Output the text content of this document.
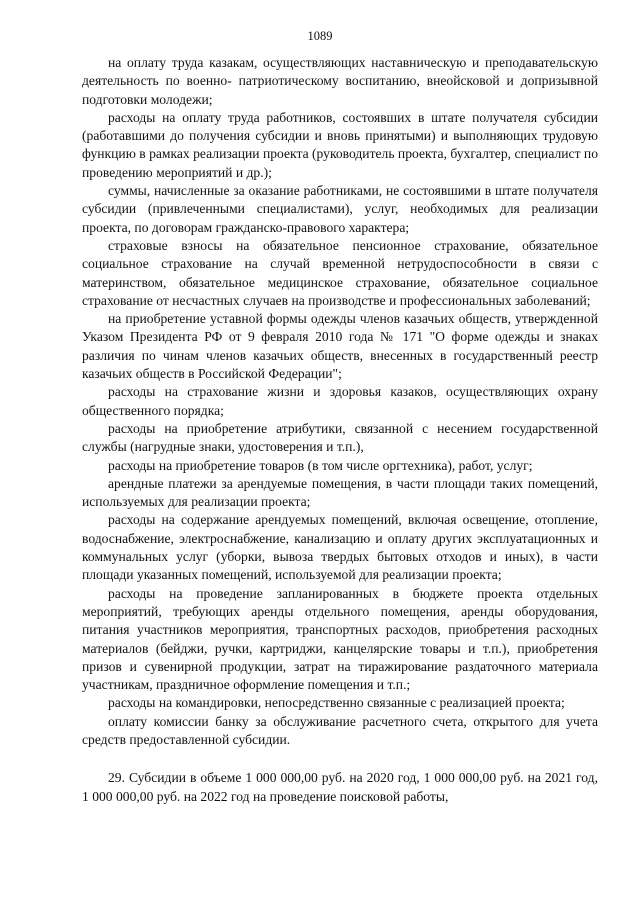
1089

на оплату труда казакам, осуществляющих наставническую и преподавательскую деятельность по военно- патриотическому воспитанию, внеойсковой и допризывной подготовки молодежи;

расходы на оплату труда работников, состоявших в штате получателя субсидии (работавшими до получения субсидии и вновь принятыми) и выполняющих трудовую функцию в рамках реализации проекта (руководитель проекта, бухгалтер, специалист по проведению мероприятий и др.);

суммы, начисленные за оказание работниками, не состоявшими в штате получателя субсидии (привлеченными специалистами), услуг, необходимых для реализации проекта, по договорам гражданско-правового характера;

страховые взносы на обязательное пенсионное страхование, обязательное социальное страхование на случай временной нетрудоспособности в связи с материнством, обязательное медицинское страхование, обязательное социальное страхование от несчастных случаев на производстве и профессиональных заболеваний;

на приобретение уставной формы одежды членов казачьих обществ, утвержденной Указом Президента РФ от 9 февраля 2010 года № 171 "О форме одежды и знаках различия по чинам членов казачьих обществ, внесенных в государственный реестр казачьих обществ в Российской Федерации";

расходы на страхование жизни и здоровья казаков, осуществляющих охрану общественного порядка;

расходы на приобретение атрибутики, связанной с несением государственной службы (нагрудные знаки, удостоверения и т.п.),

расходы на приобретение товаров (в том числе оргтехника), работ, услуг;

арендные платежи за арендуемые помещения, в части площади таких помещений, используемых для реализации проекта;

расходы на содержание арендуемых помещений, включая освещение, отопление, водоснабжение, электроснабжение, канализацию и оплату других эксплуатационных и коммунальных услуг (уборки, вывоза твердых бытовых отходов и иных), в части площади указанных помещений, используемой для реализации проекта;

расходы на проведение запланированных в бюджете проекта отдельных мероприятий, требующих аренды отдельного помещения, аренды оборудования, питания участников мероприятия, транспортных расходов, приобретения расходных материалов (бейджи, ручки, картриджи, канцелярские товары и т.п.), приобретения призов и сувенирной продукции, затрат на тиражирование раздаточного материала участникам, праздничное оформление помещения и т.п.;

расходы на командировки, непосредственно связанные с реализацией проекта;

оплату комиссии банку за обслуживание расчетного счета, открытого для учета средств предоставленной субсидии.

29. Субсидии в объеме 1 000 000,00 руб. на 2020 год, 1 000 000,00 руб. на 2021 год, 1 000 000,00 руб. на 2022 год на проведение поисковой работы,
